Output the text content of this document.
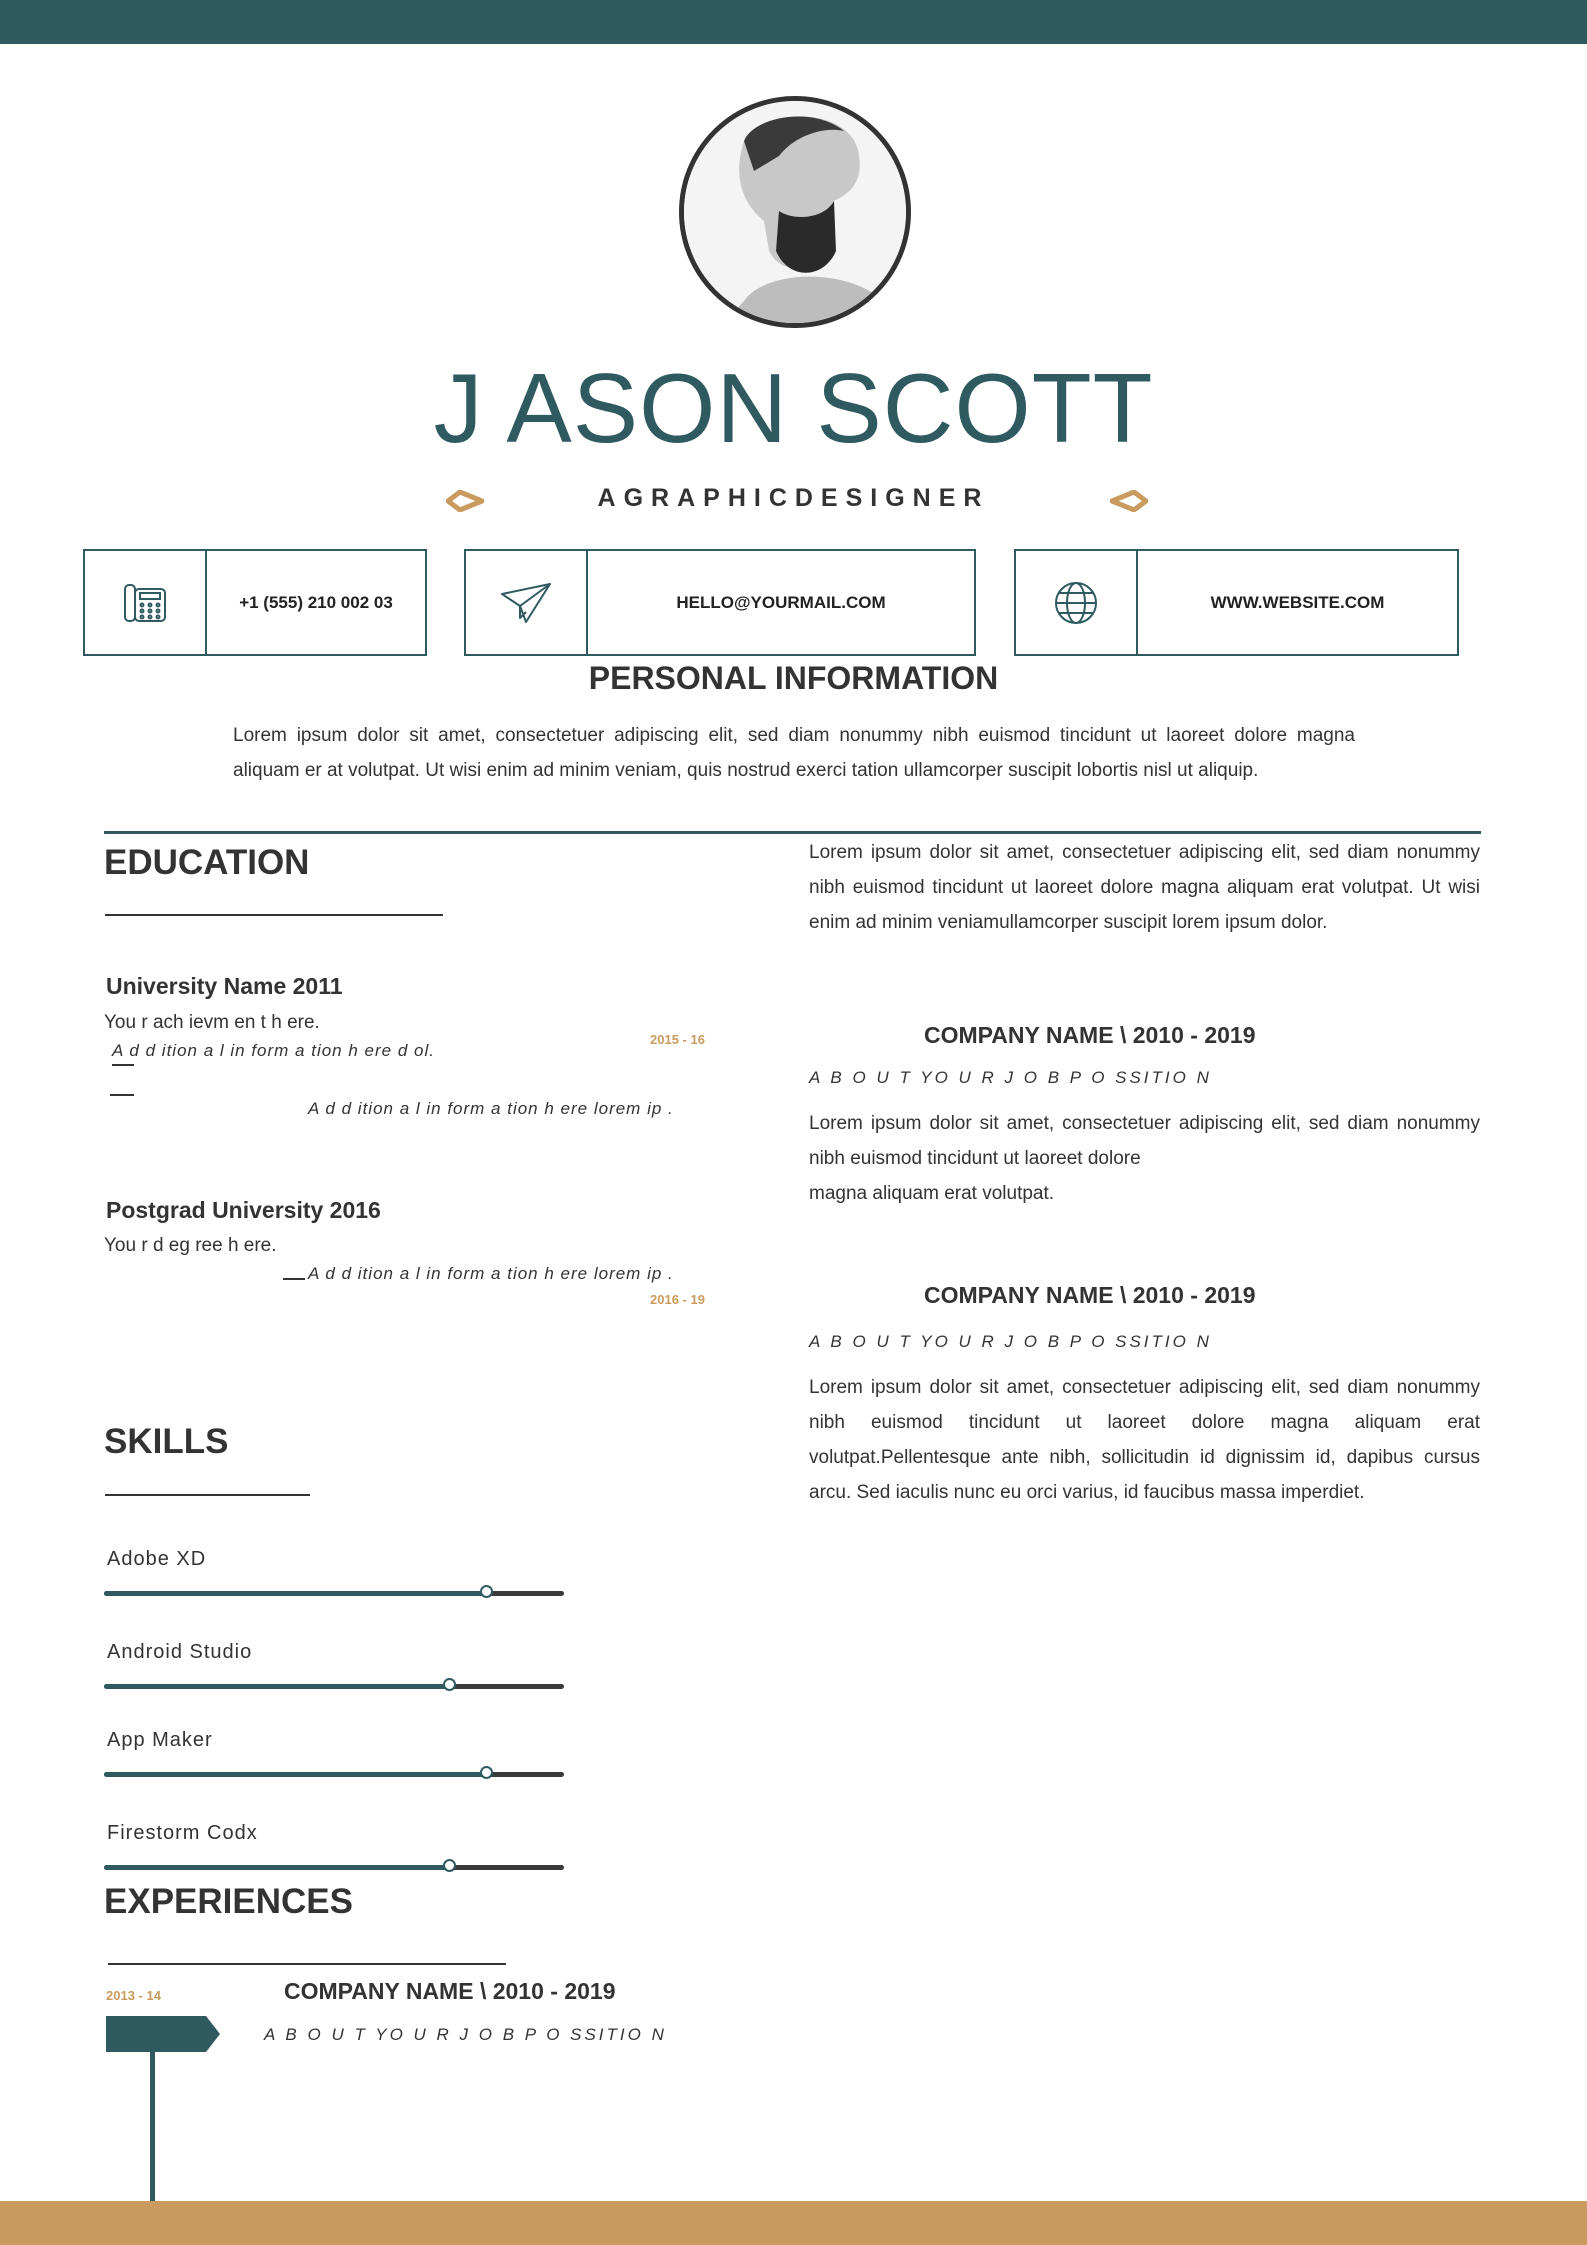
J ASON SCOTT
AGRAPHICDESIGNER
+1 (555) 210 002 03	HELLO@YOURMAIL.COM	WWW.WEBSITE.COM
PERSONAL INFORMATION
Lorem ipsum dolor sit amet, consectetuer adipiscing elit, sed diam nonummy nibh euismod tincidunt ut laoreet dolore magna
aliquam er at volutpat. Ut wisi enim ad minim veniam, quis nostrud exerci tation ullamcorper suscipit lobortis nisl ut aliquip.
EDUCATION
University Name 2011
You r ach ievm en t h ere.
2015 - 16
A d d ition a l in form a tion h ere d ol.
A d d ition a l in form a tion h ere lorem ip .
Postgrad University 2016
You r d eg ree h ere.
A d d ition a l in form a tion h ere lorem ip .
2016 - 19
Lorem ipsum dolor sit amet, consectetuer adipiscing elit, sed diam nonummy nibh euismod tincidunt ut laoreet dolore magna aliquam erat volutpat. Ut wisi enim ad minim veniamullamcorper suscipit lorem ipsum dolor.
COMPANY NAME \ 2010 - 2019
A B O U T YO U R J O B P O SSITIO N
Lorem ipsum dolor sit amet, consectetuer adipiscing elit, sed diam nonummy
nibh euismod tincidunt ut laoreet dolore
magna aliquam erat volutpat.
COMPANY NAME \ 2010 - 2019
A B O U T YO U R J O B P O SSITIO N
Lorem ipsum dolor sit amet, consectetuer adipiscing elit, sed diam nonummy nibh euismod tincidunt ut laoreet dolore magna aliquam erat volutpat.Pellentesque ante nibh, sollicitudin id dignissim id, dapibus cursus arcu. Sed iaculis nunc eu orci varius, id faucibus massa imperdiet.
SKILLS
Adobe XD
Android Studio
App Maker
Firestorm Codx
EXPERIENCES
2013 - 14	COMPANY NAME \ 2010 - 2019
A B O U T YO U R J O B P O SSITIO N
